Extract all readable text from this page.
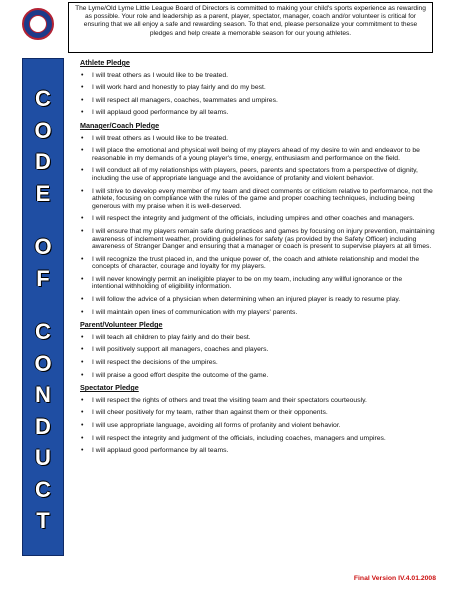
The Lyme/Old Lyme Little League Board of Directors is committed to making your child's sports experience as rewarding as possible. Your role and leadership as a parent, player, spectator, manager, coach and/or volunteer is critical for ensuring that we all enjoy a safe and rewarding season. To that end, please personalize your commitment to these pledges and help create a memorable season for our young athletes.
C
O
D
E
O
F
C
O
N
D
U
C
T
Athlete Pledge
• I will treat others as I would like to be treated.
• I will work hard and honestly to play fairly and do my best.
• I will respect all managers, coaches, teammates and umpires.
• I will applaud good performance by all teams.
Manager/Coach Pledge
• I will treat others as I would like to be treated.
• I will place the emotional and physical well being of my players ahead of my desire to win and endeavor to be reasonable in my demands of a young player's time, energy, enthusiasm and performance on the field.
• I will conduct all of my relationships with players, peers, parents and spectators from a perspective of dignity, including the use of appropriate language and the avoidance of profanity and violent behavior.
• I will strive to develop every member of my team and direct comments or criticism relative to performance, not the athlete, focusing on compliance with the rules of the game and proper coaching techniques, including being generous with my praise when it is well-deserved.
• I will respect the integrity and judgment of the officials, including umpires and other coaches and managers.
• I will ensure that my players remain safe during practices and games by focusing on injury prevention, maintaining awareness of inclement weather, providing guidelines for safety (as provided by the Safety Officer) including awareness of Stranger Danger and ensuring that a manager or coach is present to supervise players at all times.
• I will recognize the trust placed in, and the unique power of, the coach and athlete relationship and model the concepts of character, courage and loyalty for my players.
• I will never knowingly permit an ineligible player to be on my team, including any willful ignorance or the intentional withholding of eligibility information.
• I will follow the advice of a physician when determining when an injured player is ready to resume play.
• I will maintain open lines of communication with my players' parents.
Parent/Volunteer Pledge
• I will teach all children to play fairly and do their best.
• I will positively support all managers, coaches and players.
• I will respect the decisions of the umpires.
• I will praise a good effort despite the outcome of the game.
Spectator Pledge
• I will respect the rights of others and treat the visiting team and their spectators courteously.
• I will cheer positively for my team, rather than against them or their opponents.
• I will use appropriate language, avoiding all forms of profanity and violent behavior.
• I will respect the integrity and judgment of the officials, including coaches, managers and umpires.
• I will applaud good performance by all teams.
Final Version IV.4.01.2008
